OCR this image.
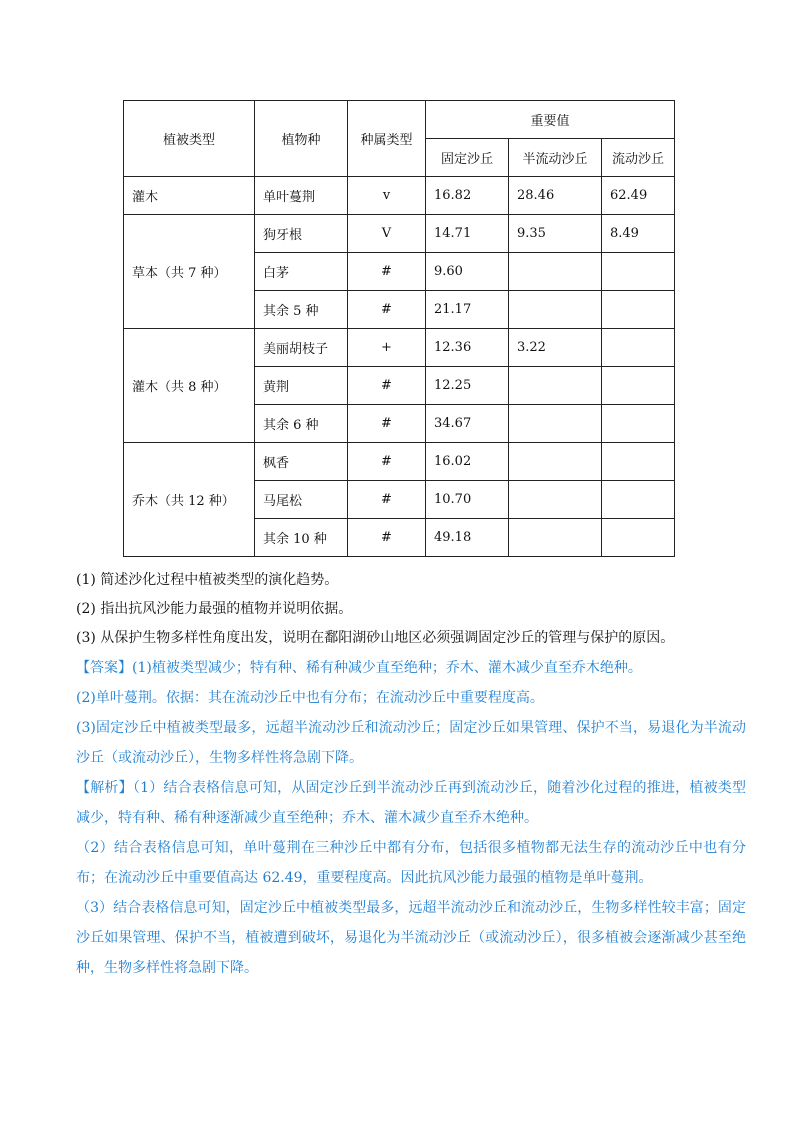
植被类型	植物种	种属类型	重要值		
			固定沙丘	半流动沙丘	流动沙丘
灌木	单叶蔓荆	v	16.82	28.46	62.49
草本（共 7 种）	狗牙根	V	14.71	9.35	8.49
	白茅	#	9.60		
	其余 5 种	#	21.17		
灌木（共 8 种）	美丽胡枝子	+	12.36	3.22	
	黄荆	#	12.25		
	其余 6 种	#	34.67		
乔木（共 12 种）	枫香	#	16.02		
	马尾松	#	10.70		
	其余 10 种	#	49.18		

(1) 简述沙化过程中植被类型的演化趋势。

(2) 指出抗风沙能力最强的植物并说明依据。

(3) 从保护生物多样性角度出发，说明在鄱阳湖砂山地区必须强调固定沙丘的管理与保护的原因。

【答案】(1)植被类型减少；特有种、稀有种减少直至绝种；乔木、灌木减少直至乔木绝种。

(2)单叶蔓荆。依据：其在流动沙丘中也有分布；在流动沙丘中重要程度高。

(3)固定沙丘中植被类型最多，远超半流动沙丘和流动沙丘；固定沙丘如果管理、保护不当，易退化为半流动沙丘（或流动沙丘），生物多样性将急剧下降。

【解析】（1）结合表格信息可知，从固定沙丘到半流动沙丘再到流动沙丘，随着沙化过程的推进，植被类型减少，特有种、稀有种逐渐减少直至绝种；乔木、灌木减少直至乔木绝种。

（2）结合表格信息可知，单叶蔓荆在三种沙丘中都有分布，包括很多植物都无法生存的流动沙丘中也有分布；在流动沙丘中重要值高达 62.49，重要程度高。因此抗风沙能力最强的植物是单叶蔓荆。

（3）结合表格信息可知，固定沙丘中植被类型最多，远超半流动沙丘和流动沙丘，生物多样性较丰富；固定沙丘如果管理、保护不当，植被遭到破坏，易退化为半流动沙丘（或流动沙丘），很多植被会逐渐减少甚至绝种，生物多样性将急剧下降。
